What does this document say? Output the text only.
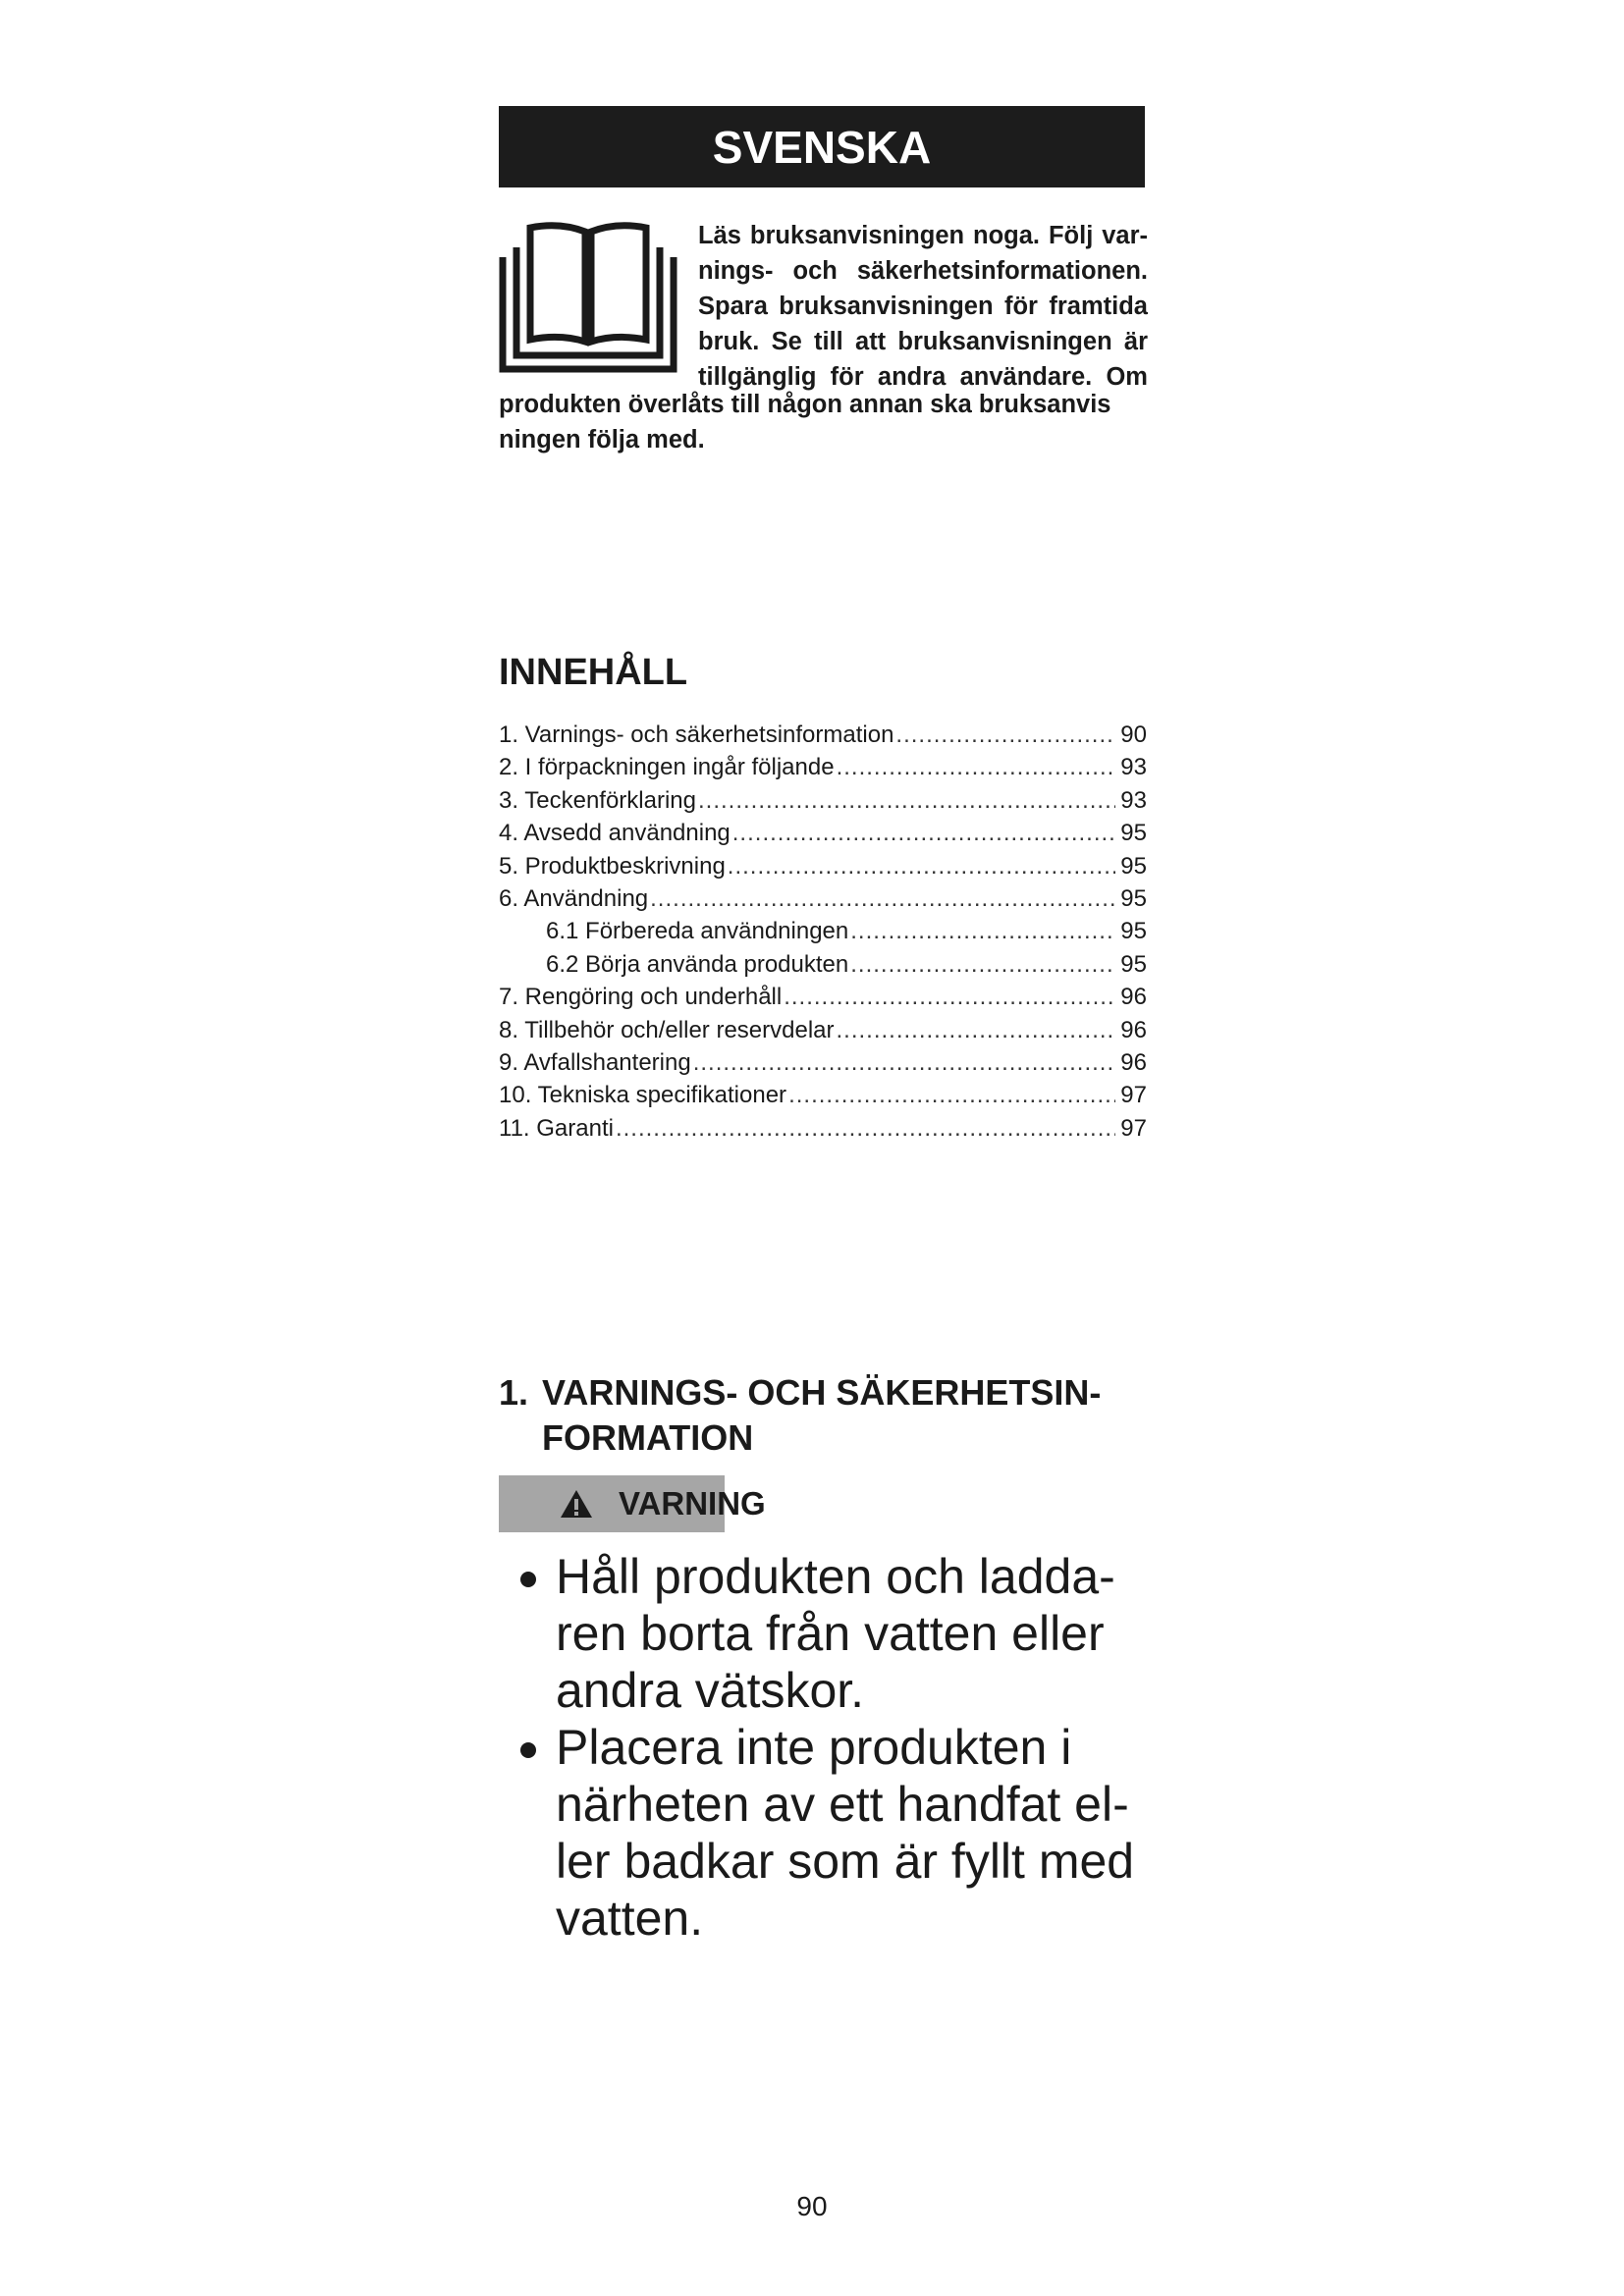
SVENSKA
Läs bruksanvisningen noga. Följ var-
nings- och säkerhetsinformationen.
Spara bruksanvisningen för framtida
bruk. Se till att bruksanvisningen är
tillgänglig för andra användare. Om
produkten överlåts till någon annan ska bruksanvis
ningen följa med.
INNEHÅLL
1. Varnings- och säkerhetsinformation .....	90
2. I förpackningen ingår följande .....	93
3. Teckenförklaring .....	93
4. Avsedd användning .....	95
5. Produktbeskrivning .....	95
6. Användning .....	95
6.1 Förbereda användningen .....	95
6.2 Börja använda produkten .....	95
7. Rengöring och underhåll .....	96
8. Tillbehör och/eller reservdelar .....	96
9. Avfallshantering .....	96
10. Tekniska specifikationer .....	97
11. Garanti .....	97
1. VARNINGS- OCH SÄKERHETSIN-
FORMATION
VARNING
Håll produkten och ladda-
ren borta från vatten eller
andra vätskor.
Placera inte produkten i
närheten av ett handfat el-
ler badkar som är fyllt med
vatten.
90
